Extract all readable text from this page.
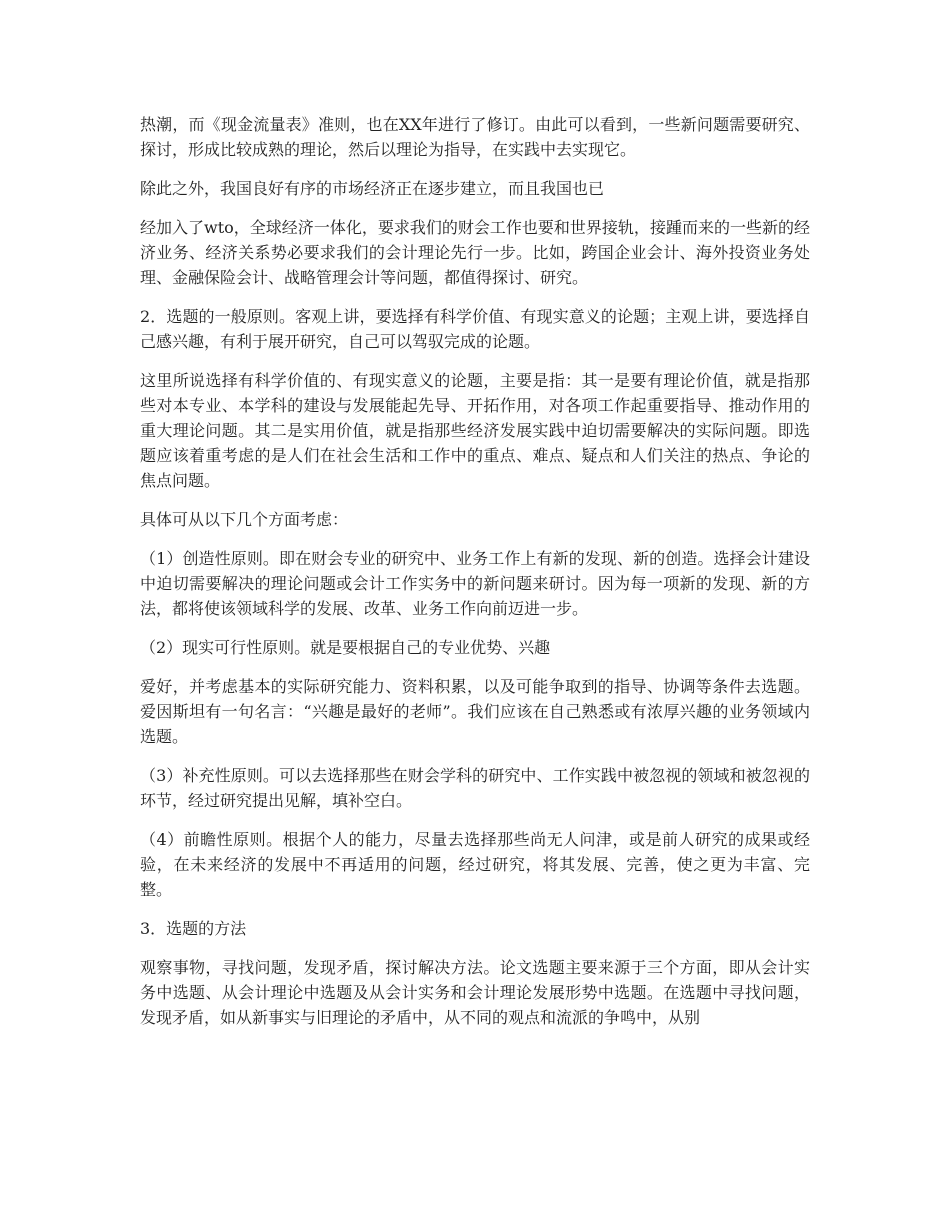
热潮，而《现金流量表》准则，也在XX年进行了修订。由此可以看到，一些新问题需要研究、探讨，形成比较成熟的理论，然后以理论为指导，在实践中去实现它。

除此之外，我国良好有序的市场经济正在逐步建立，而且我国也已

经加入了wto，全球经济一体化，要求我们的财会工作也要和世界接轨，接踵而来的一些新的经济业务、经济关系势必要求我们的会计理论先行一步。比如，跨国企业会计、海外投资业务处理、金融保险会计、战略管理会计等问题，都值得探讨、研究。

2．选题的一般原则。客观上讲，要选择有科学价值、有现实意义的论题；主观上讲，要选择自己感兴趣，有利于展开研究，自己可以驾驭完成的论题。

这里所说选择有科学价值的、有现实意义的论题，主要是指：其一是要有理论价值，就是指那些对本专业、本学科的建设与发展能起先导、开拓作用，对各项工作起重要指导、推动作用的重大理论问题。其二是实用价值，就是指那些经济发展实践中迫切需要解决的实际问题。即选题应该着重考虑的是人们在社会生活和工作中的重点、难点、疑点和人们关注的热点、争论的焦点问题。

具体可从以下几个方面考虑：

（1）创造性原则。即在财会专业的研究中、业务工作上有新的发现、新的创造。选择会计建设中迫切需要解决的理论问题或会计工作实务中的新问题来研讨。因为每一项新的发现、新的方法，都将使该领域科学的发展、改革、业务工作向前迈进一步。

（2）现实可行性原则。就是要根据自己的专业优势、兴趣

爱好，并考虑基本的实际研究能力、资料积累，以及可能争取到的指导、协调等条件去选题。爱因斯坦有一句名言：“兴趣是最好的老师”。我们应该在自己熟悉或有浓厚兴趣的业务领域内选题。

（3）补充性原则。可以去选择那些在财会学科的研究中、工作实践中被忽视的领域和被忽视的环节，经过研究提出见解，填补空白。

（4）前瞻性原则。根据个人的能力，尽量去选择那些尚无人问津，或是前人研究的成果或经验，在未来经济的发展中不再适用的问题，经过研究，将其发展、完善，使之更为丰富、完整。

3．选题的方法

观察事物，寻找问题，发现矛盾，探讨解决方法。论文选题主要来源于三个方面，即从会计实务中选题、从会计理论中选题及从会计实务和会计理论发展形势中选题。在选题中寻找问题，发现矛盾，如从新事实与旧理论的矛盾中，从不同的观点和流派的争鸣中，从别
